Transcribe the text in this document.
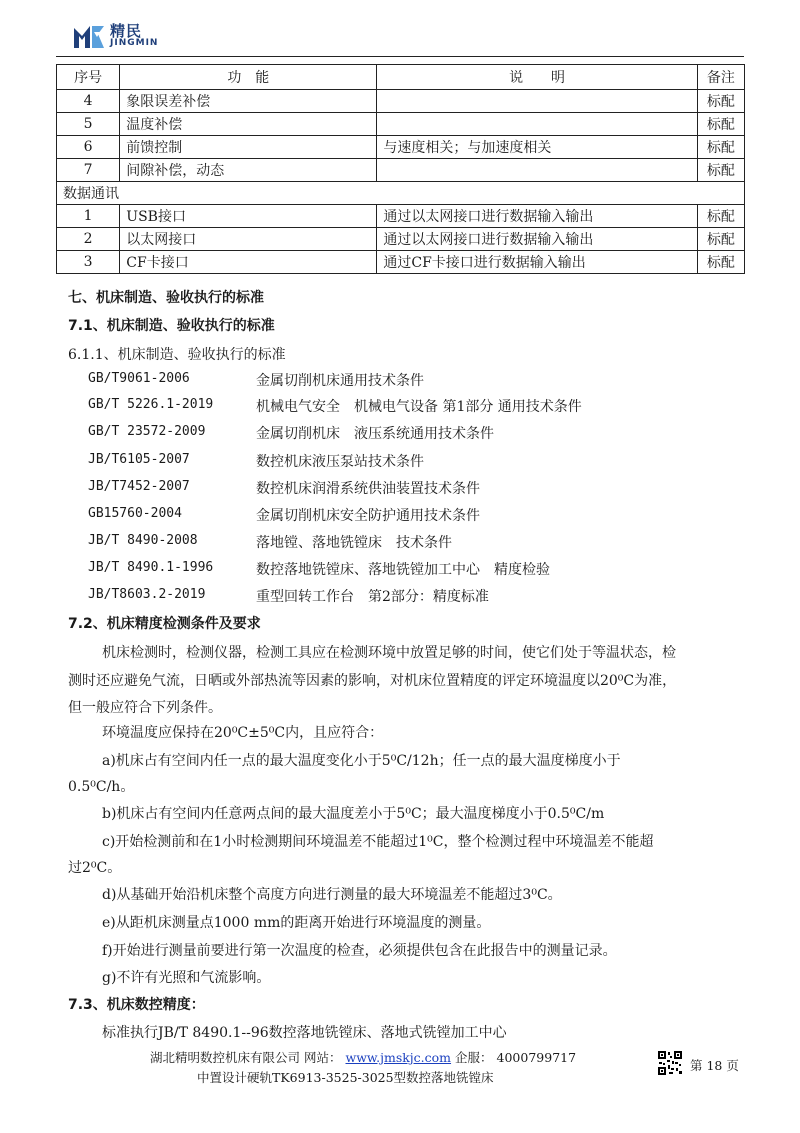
精民
JINGMIN
序号	功　能	说　　明	备注
4	象限误差补偿		标配
5	温度补偿		标配
6	前馈控制	与速度相关；与加速度相关	标配
7	间隙补偿，动态		标配
数据通讯			
1	USB接口	通过以太网接口进行数据输入输出	标配
2	以太网接口	通过以太网接口进行数据输入输出	标配
3	CF卡接口	通过CF卡接口进行数据输入输出	标配
七、机床制造、验收执行的标准
7.1、机床制造、验收执行的标准
6.1.1、机床制造、验收执行的标准
GB/T9061-2006	金属切削机床通用技术条件
GB/T 5226.1-2019	机械电气安全　机械电气设备 第1部分 通用技术条件
GB/T 23572-2009	金属切削机床　液压系统通用技术条件
JB/T6105-2007	数控机床液压泵站技术条件
JB/T7452-2007	数控机床润滑系统供油装置技术条件
GB15760-2004	金属切削机床安全防护通用技术条件
JB/T 8490-2008	落地镗、落地铣镗床　技术条件
JB/T 8490.1-1996	数控落地铣镗床、落地铣镗加工中心　精度检验
JB/T8603.2-2019	重型回转工作台　第2部分：精度标准
7.2、机床精度检测条件及要求
机床检测时，检测仪器，检测工具应在检测环境中放置足够的时间，使它们处于等温状态，检
测时还应避免气流，日晒或外部热流等因素的影响，对机床位置精度的评定环境温度以20⁰C为准，
但一般应符合下列条件。
环境温度应保持在20⁰C±5⁰C内，且应符合：
a)机床占有空间内任一点的最大温度变化小于5⁰C/12h；任一点的最大温度梯度小于
0.5⁰C/h。
b)机床占有空间内任意两点间的最大温度差小于5⁰C；最大温度梯度小于0.5⁰C/m
c)开始检测前和在1小时检测期间环境温差不能超过1⁰C，整个检测过程中环境温差不能超
过2⁰C。
d)从基础开始沿机床整个高度方向进行测量的最大环境温差不能超过3⁰C。
e)从距机床测量点1000 mm的距离开始进行环境温度的测量。
f)开始进行测量前要进行第一次温度的检查，必须提供包含在此报告中的测量记录。
g)不许有光照和气流影响。
7.3、机床数控精度：
标准执行JB/T 8490.1--96数控落地铣镗床、落地式铣镗加工中心
湖北精明数控机床有限公司 网站： www.jmskjc.com 企服： 4000799717
中置设计硬轨TK6913-3525-3025型数控落地铣镗床
第 18 页
